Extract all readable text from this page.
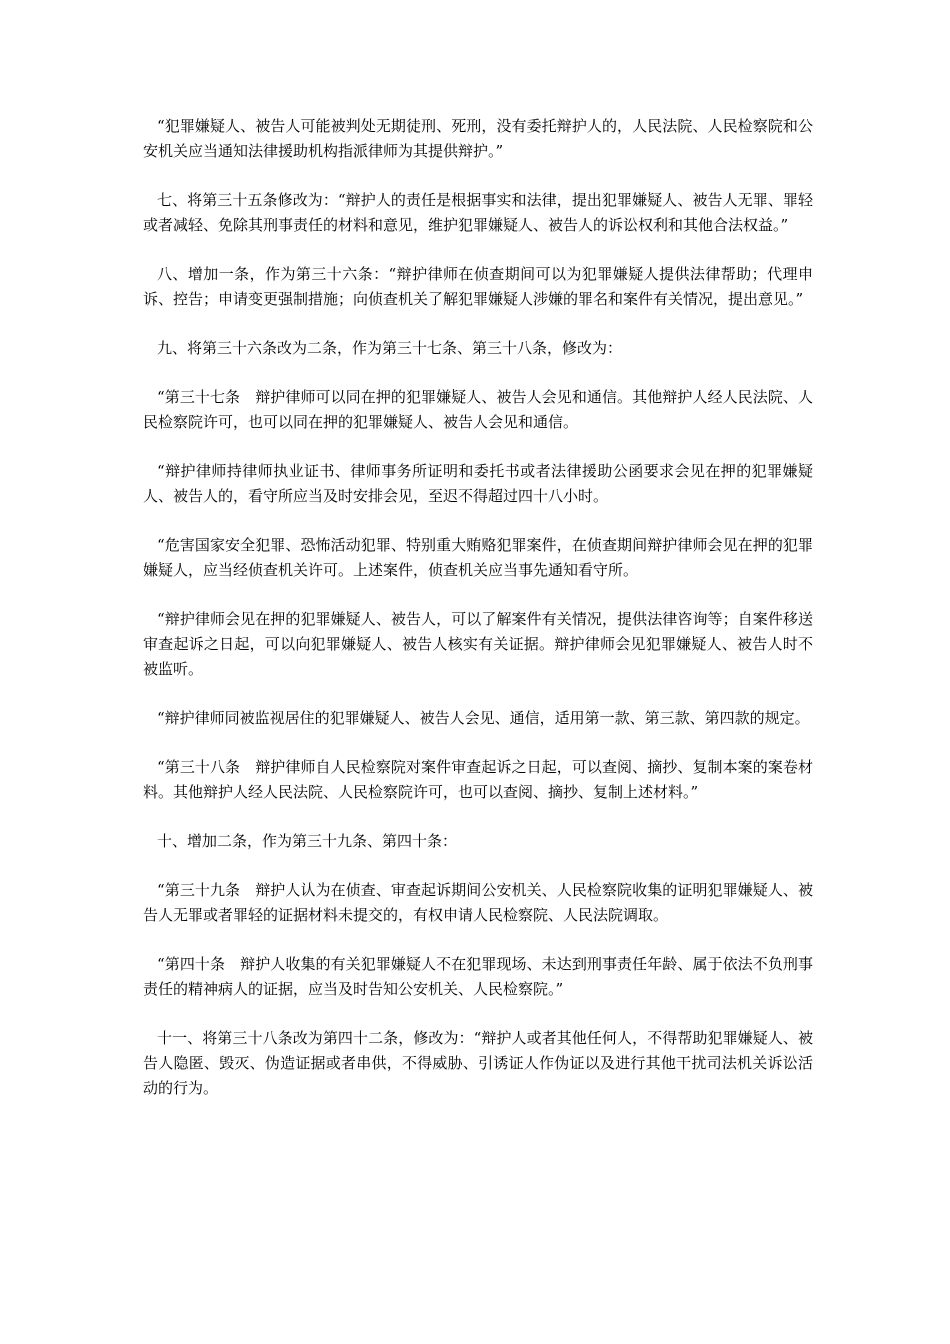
“犯罪嫌疑人、被告人可能被判处无期徒刑、死刑，没有委托辩护人的，人民法院、人民检察院和公安机关应当通知法律援助机构指派律师为其提供辩护。”

七、将第三十五条修改为：“辩护人的责任是根据事实和法律，提出犯罪嫌疑人、被告人无罪、罪轻或者减轻、免除其刑事责任的材料和意见，维护犯罪嫌疑人、被告人的诉讼权利和其他合法权益。”

八、增加一条，作为第三十六条：“辩护律师在侦查期间可以为犯罪嫌疑人提供法律帮助；代理申诉、控告；申请变更强制措施；向侦查机关了解犯罪嫌疑人涉嫌的罪名和案件有关情况，提出意见。”

九、将第三十六条改为二条，作为第三十七条、第三十八条，修改为：

“第三十七条　辩护律师可以同在押的犯罪嫌疑人、被告人会见和通信。其他辩护人经人民法院、人民检察院许可，也可以同在押的犯罪嫌疑人、被告人会见和通信。

“辩护律师持律师执业证书、律师事务所证明和委托书或者法律援助公函要求会见在押的犯罪嫌疑人、被告人的，看守所应当及时安排会见，至迟不得超过四十八小时。

“危害国家安全犯罪、恐怖活动犯罪、特别重大贿赂犯罪案件，在侦查期间辩护律师会见在押的犯罪嫌疑人，应当经侦查机关许可。上述案件，侦查机关应当事先通知看守所。

“辩护律师会见在押的犯罪嫌疑人、被告人，可以了解案件有关情况，提供法律咨询等；自案件移送审查起诉之日起，可以向犯罪嫌疑人、被告人核实有关证据。辩护律师会见犯罪嫌疑人、被告人时不被监听。

“辩护律师同被监视居住的犯罪嫌疑人、被告人会见、通信，适用第一款、第三款、第四款的规定。

“第三十八条　辩护律师自人民检察院对案件审查起诉之日起，可以查阅、摘抄、复制本案的案卷材料。其他辩护人经人民法院、人民检察院许可，也可以查阅、摘抄、复制上述材料。”

十、增加二条，作为第三十九条、第四十条：

“第三十九条　辩护人认为在侦查、审查起诉期间公安机关、人民检察院收集的证明犯罪嫌疑人、被告人无罪或者罪轻的证据材料未提交的，有权申请人民检察院、人民法院调取。

“第四十条　辩护人收集的有关犯罪嫌疑人不在犯罪现场、未达到刑事责任年龄、属于依法不负刑事责任的精神病人的证据，应当及时告知公安机关、人民检察院。”

十一、将第三十八条改为第四十二条，修改为：“辩护人或者其他任何人，不得帮助犯罪嫌疑人、被告人隐匿、毁灭、伪造证据或者串供，不得威胁、引诱证人作伪证以及进行其他干扰司法机关诉讼活动的行为。
